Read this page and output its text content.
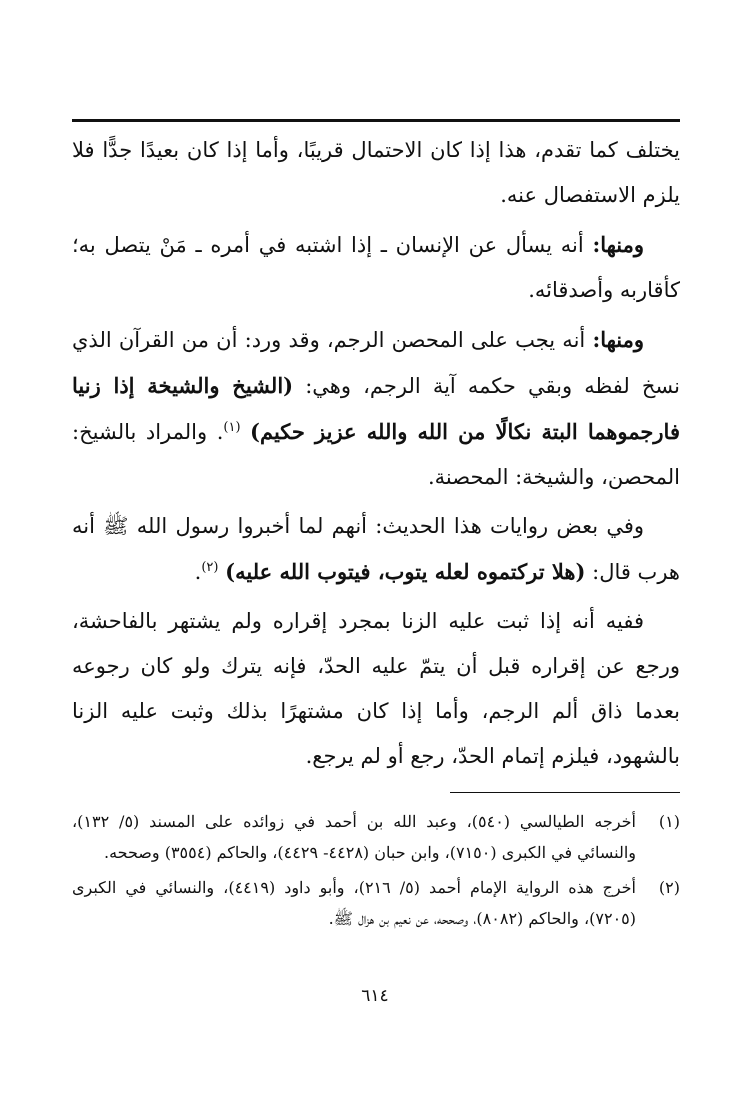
يختلف كما تقدم، هذا إذا كان الاحتمال قريبًا، وأما إذا كان بعيدًا جدًّا فلا يلزم الاستفصال عنه.

ومنها: أنه يسأل عن الإنسان ـ إذا اشتبه في أمره ـ مَنْ يتصل به؛ كأقاربه وأصدقائه.

ومنها: أنه يجب على المحصن الرجم، وقد ورد: أن من القرآن الذي نسخ لفظه وبقي حكمه آية الرجم، وهي: (الشيخ والشيخة إذا زنيا فارجموهما البتة نكالًا من الله والله عزيز حكيم) $^{(١)}$. والمراد بالشيخ: المحصن، والشيخة: المحصنة.

وفي بعض روايات هذا الحديث: أنهم لما أخبروا رسول الله ﷺ أنه هرب قال: (هلا تركتموه لعله يتوب، فيتوب الله عليه) $^{(٢)}$.

ففيه أنه إذا ثبت عليه الزنا بمجرد إقراره ولم يشتهر بالفاحشة، ورجع عن إقراره قبل أن يتمّ عليه الحدّ، فإنه يترك ولو كان رجوعه بعدما ذاق ألم الرجم، وأما إذا كان مشتهرًا بذلك وثبت عليه الزنا بالشهود، فيلزم إتمام الحدّ، رجع أو لم يرجع.

(١)
أخرجه الطيالسي (٥٤٠)، وعبد الله بن أحمد في زوائده على المسند (٥/ ١٣٢)، والنسائي في الكبرى (٧١٥٠)، وابن حبان (٤٤٢٨- ٤٤٢٩)، والحاكم (٣٥٥٤) وصححه.
(٢)
أخرج هذه الرواية الإمام أحمد (٥/ ٢١٦)، وأبو داود (٤٤١٩)، والنسائي في الكبرى (٧٢٠٥)، والحاكم (٨٠٨٢)، وصححه، عن نعيم بن هزال ﷺ.
٦١٤
